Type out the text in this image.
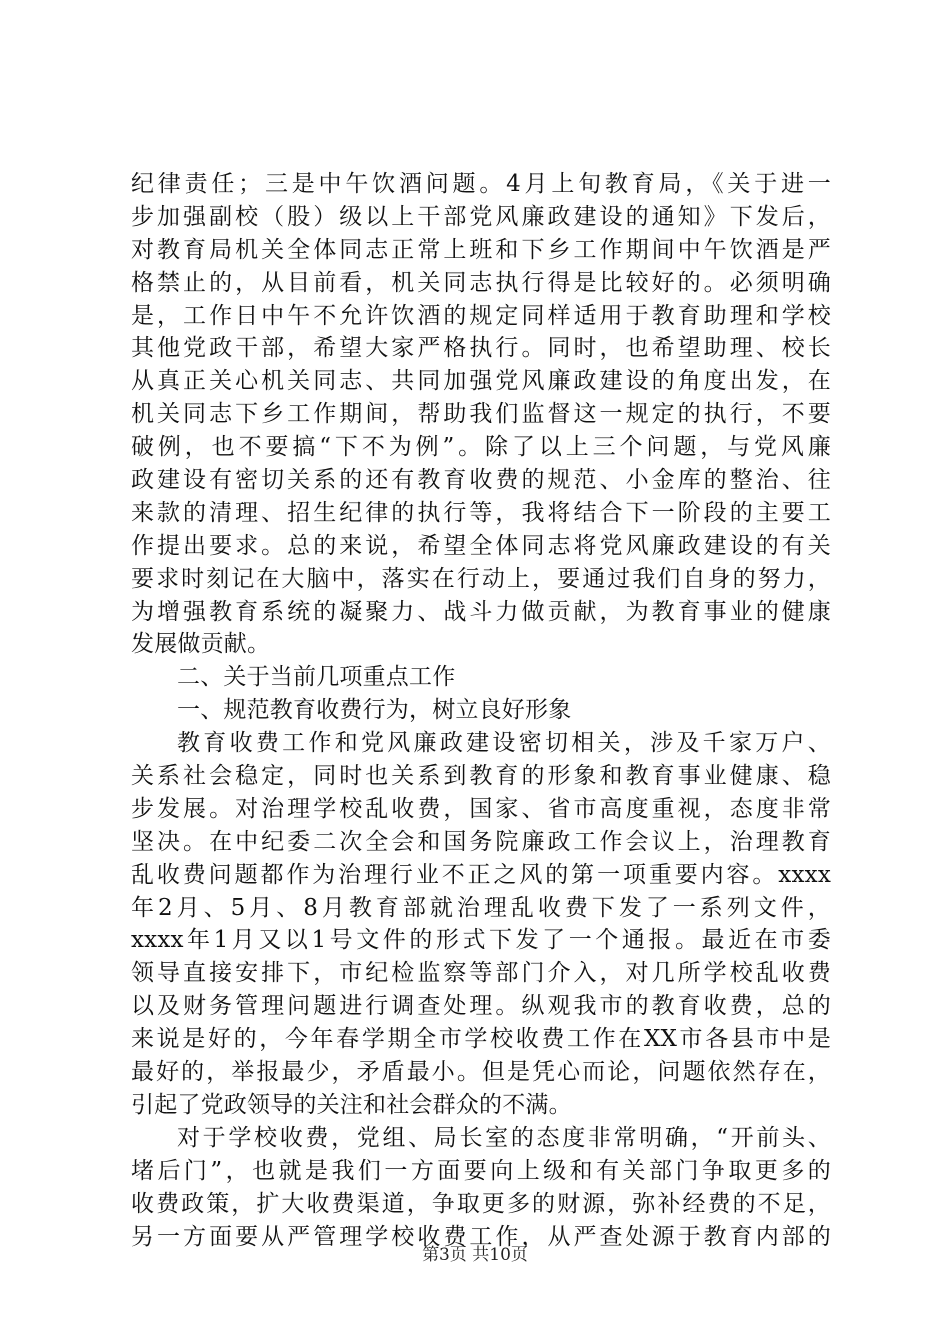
纪律责任；三是中午饮酒问题。4月上旬教育局，《关于进一
步加强副校（股）级以上干部党风廉政建设的通知》下发后，
对教育局机关全体同志正常上班和下乡工作期间中午饮酒是严
格禁止的，从目前看，机关同志执行得是比较好的。必须明确
是，工作日中午不允许饮酒的规定同样适用于教育助理和学校
其他党政干部，希望大家严格执行。同时，也希望助理、校长
从真正关心机关同志、共同加强党风廉政建设的角度出发，在
机关同志下乡工作期间，帮助我们监督这一规定的执行，不要
破例，也不要搞“下不为例”。除了以上三个问题，与党风廉
政建设有密切关系的还有教育收费的规范、小金库的整治、往
来款的清理、招生纪律的执行等，我将结合下一阶段的主要工
作提出要求。总的来说，希望全体同志将党风廉政建设的有关
要求时刻记在大脑中，落实在行动上，要通过我们自身的努力，
为增强教育系统的凝聚力、战斗力做贡献，为教育事业的健康
发展做贡献。
二、关于当前几项重点工作
一、规范教育收费行为，树立良好形象
教育收费工作和党风廉政建设密切相关，涉及千家万户、
关系社会稳定，同时也关系到教育的形象和教育事业健康、稳
步发展。对治理学校乱收费，国家、省市高度重视，态度非常
坚决。在中纪委二次全会和国务院廉政工作会议上，治理教育
乱收费问题都作为治理行业不正之风的第一项重要内容。xxxx
年2月、5月、8月教育部就治理乱收费下发了一系列文件，
xxxx年1月又以1号文件的形式下发了一个通报。最近在市委
领导直接安排下，市纪检监察等部门介入，对几所学校乱收费
以及财务管理问题进行调查处理。纵观我市的教育收费，总的
来说是好的，今年春学期全市学校收费工作在XX市各县市中是
最好的，举报最少，矛盾最小。但是凭心而论，问题依然存在，
引起了党政领导的关注和社会群众的不满。
对于学校收费，党组、局长室的态度非常明确，“开前头、
堵后门”，也就是我们一方面要向上级和有关部门争取更多的
收费政策，扩大收费渠道，争取更多的财源，弥补经费的不足，
另一方面要从严管理学校收费工作，从严查处源于教育内部的
第3页 共10页
